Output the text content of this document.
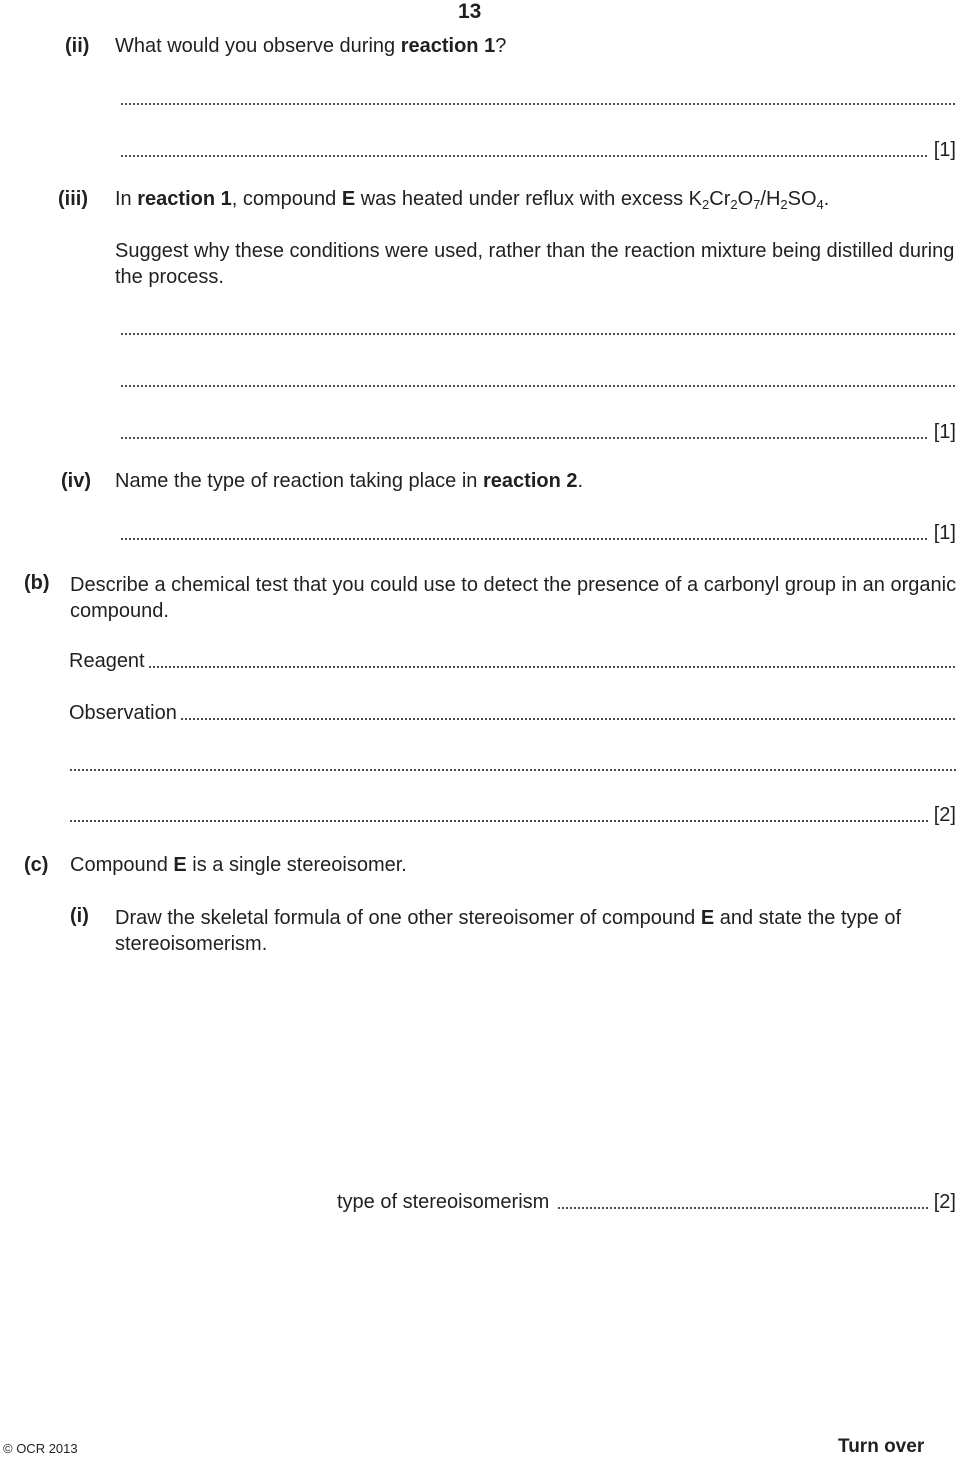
13
(ii) What would you observe during reaction 1?
[1]
(iii) In reaction 1, compound E was heated under reflux with excess $K_2Cr_2O_7/H_2SO_4$.
Suggest why these conditions were used, rather than the reaction mixture being distilled during the process.
[1]
(iv) Name the type of reaction taking place in reaction 2.
[1]
(b) Describe a chemical test that you could use to detect the presence of a carbonyl group in an organic compound.
Reagent
Observation
[2]
(c) Compound E is a single stereoisomer.
(i) Draw the skeletal formula of one other stereoisomer of compound E and state the type of stereoisomerism.
type of stereoisomerism	[2]
© OCR 2013	Turn over
